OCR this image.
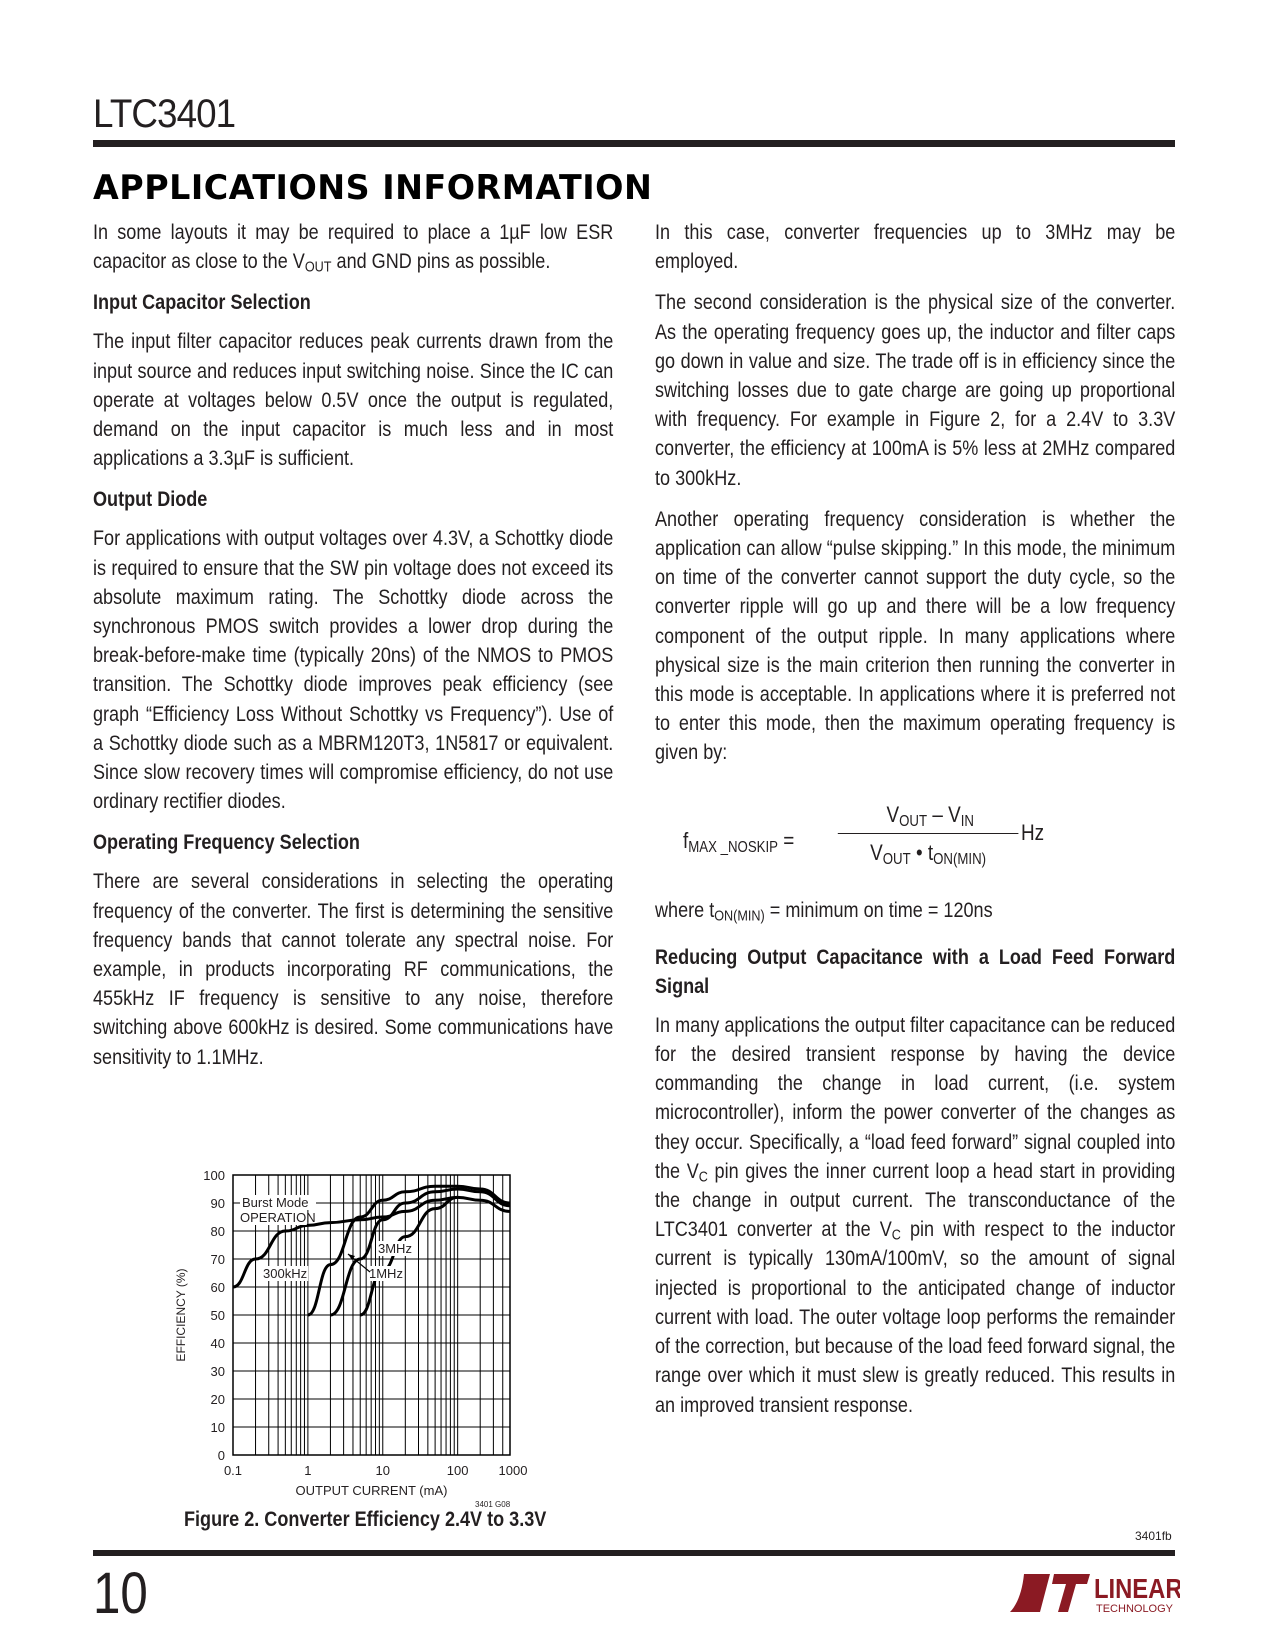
LTC3401
APPLICATIONS INFORMATION

In some layouts it may be required to place a 1µF low ESR capacitor as close to the $V_{OUT}$ and GND pins as possible.

Input Capacitor Selection

The input filter capacitor reduces peak currents drawn from the input source and reduces input switching noise. Since the IC can operate at voltages below 0.5V once the output is regulated, demand on the input capacitor is much less and in most applications a 3.3µF is sufficient.

Output Diode

For applications with output voltages over 4.3V, a Schottky diode is required to ensure that the SW pin voltage does not exceed its absolute maximum rating. The Schottky diode across the synchronous PMOS switch provides a lower drop during the break-before-make time (typically 20ns) of the NMOS to PMOS transition. The Schottky diode improves peak efficiency (see graph “Efficiency Loss Without Schottky vs Frequency”). Use of a Schottky diode such as a MBRM120T3, 1N5817 or equivalent. Since slow recovery times will compromise efficiency, do not use ordinary rectifier diodes.

Operating Frequency Selection

There are several considerations in selecting the operating frequency of the converter. The first is determining the sensitive frequency bands that cannot tolerate any spectral noise. For example, in products incorporating RF communications, the 455kHz IF frequency is sensitive to any noise, therefore switching above 600kHz is desired. Some communications have sensitivity to 1.1MHz.

In this case, converter frequencies up to 3MHz may be employed.

The second consideration is the physical size of the converter. As the operating frequency goes up, the inductor and filter caps go down in value and size. The trade off is in efficiency since the switching losses due to gate charge are going up proportional with frequency. For example in Figure 2, for a 2.4V to 3.3V converter, the efficiency at 100mA is 5% less at 2MHz compared to 300kHz.

Another operating frequency consideration is whether the application can allow “pulse skipping.” In this mode, the minimum on time of the converter cannot support the duty cycle, so the converter ripple will go up and there will be a low frequency component of the output ripple. In many applications where physical size is the main criterion then running the converter in this mode is acceptable. In applications where it is preferred not to enter this mode, then the maximum operating frequency is given by:

$f_{MAX \_NOSKIP}$ =
$V_{OUT} - V_{IN}$
$V_{OUT}$ • $t_{ON(MIN)}$
Hz

where $t_{ON(MIN)}$ = minimum on time = 120ns

Reducing Output Capacitance with a Load Feed Forward Signal

In many applications the output filter capacitance can be reduced for the desired transient response by having the device commanding the change in load current, (i.e. system microcontroller), inform the power converter of the changes as they occur. Specifically, a “load feed forward” signal coupled into the $V_C$ pin gives the inner current loop a head start in providing the change in output current. The transconductance of the LTC3401 converter at the $V_C$ pin with respect to the inductor current is typically 130mA/100mV, so the amount of signal injected is proportional to the anticipated change of inductor current with load. The outer voltage loop performs the remainder of the correction, but because of the load feed forward signal, the range over which it must slew is greatly reduced. This results in an improved transient response.

0
10
20
30
40
50
60
70
80
90
100
0.1	1	10	100 1000
OUTPUT CURRENT (mA)
EFFICIENCY (%)
Burst Mode
OPERATION
300kHz
3MHz
1MHz
3401 G08
Figure 2. Converter Efficiency 2.4V to 3.3V
3401fb
10	LINEAR
TECHNOLOGY
